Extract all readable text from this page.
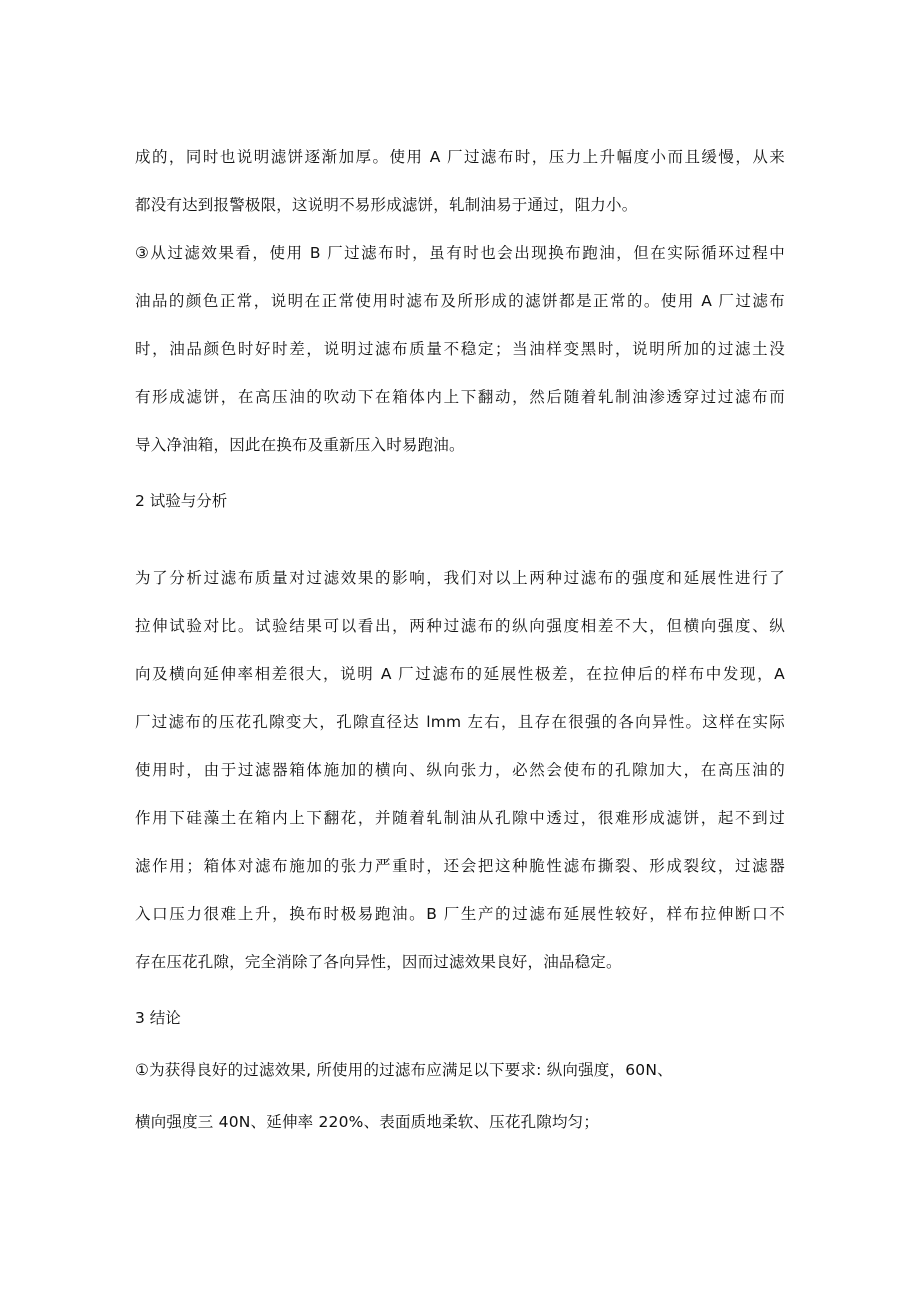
成的，同时也说明滤饼逐渐加厚。使用 A 厂过滤布时，压力上升幅度小而且缓慢，从来
都没有达到报警极限，这说明不易形成滤饼，轧制油易于通过，阻力小。
③从过滤效果看，使用 B 厂过滤布时，虽有时也会出现换布跑油，但在实际循环过程中
油品的颜色正常，说明在正常使用时滤布及所形成的滤饼都是正常的。使用 A 厂过滤布
时，油品颜色时好时差，说明过滤布质量不稳定；当油样变黑时，说明所加的过滤土没
有形成滤饼，在高压油的吹动下在箱体内上下翻动，然后随着轧制油渗透穿过过滤布而
导入净油箱，因此在换布及重新压入时易跑油。
2 试验与分析
为了分析过滤布质量对过滤效果的影响，我们对以上两种过滤布的强度和延展性进行了
拉伸试验对比。试验结果可以看出，两种过滤布的纵向强度相差不大，但横向强度、纵
向及横向延伸率相差很大，说明 A 厂过滤布的延展性极差，在拉伸后的样布中发现，A
厂过滤布的压花孔隙变大，孔隙直径达 lmm 左右，且存在很强的各向异性。这样在实际
使用时，由于过滤器箱体施加的横向、纵向张力，必然会使布的孔隙加大，在高压油的
作用下硅藻土在箱内上下翻花，并随着轧制油从孔隙中透过，很难形成滤饼，起不到过
滤作用；箱体对滤布施加的张力严重时，还会把这种脆性滤布撕裂、形成裂纹，过滤器
入口压力很难上升，换布时极易跑油。B 厂生产的过滤布延展性较好，样布拉伸断口不
存在压花孔隙，完全消除了各向异性，因而过滤效果良好，油品稳定。
3 结论
①为获得良好的过滤效果, 所使用的过滤布应满足以下要求: 纵向强度，60N、
横向强度三 40N、延伸率 220%、表面质地柔软、压花孔隙均匀；
